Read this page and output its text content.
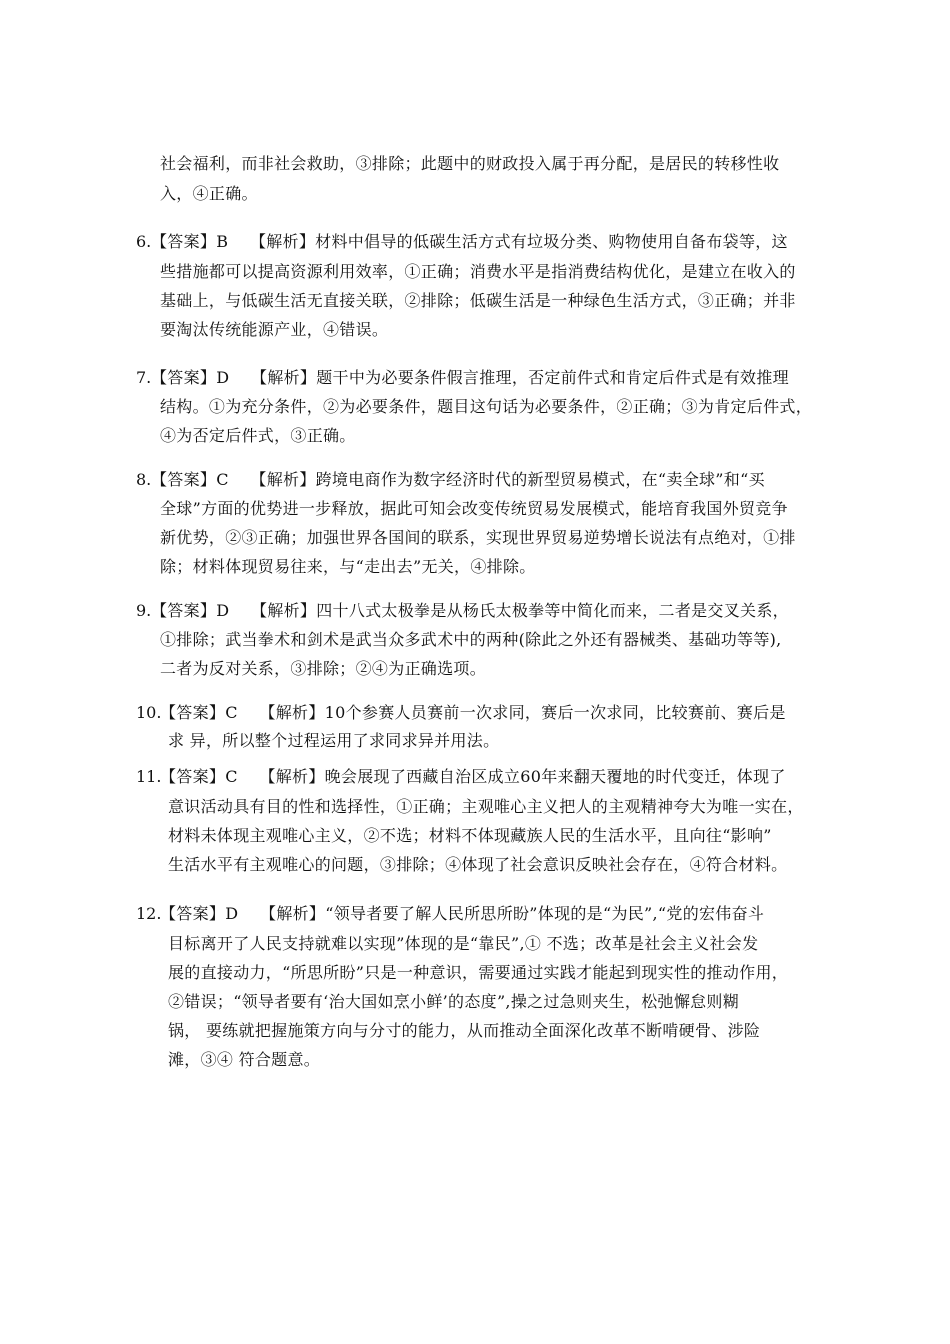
社会福利，而非社会救助，③排除；此题中的财政投入属于再分配，是居民的转移性收
入，④正确。
6. 【答案】B　 【解析】材料中倡导的低碳生活方式有垃圾分类、购物使用自备布袋等，这
些措施都可以提高资源利用效率，①正确；消费水平是指消费结构优化，是建立在收入的
基础上，与低碳生活无直接关联，②排除；低碳生活是一种绿色生活方式，③正确；并非
要淘汰传统能源产业，④错误。
7. 【答案】D　 【解析】题干中为必要条件假言推理，否定前件式和肯定后件式是有效推理
结构。①为充分条件，②为必要条件，题目这句话为必要条件，②正确；③为肯定后件式，
④为否定后件式，③正确。
8. 【答案】C　 【解析】跨境电商作为数字经济时代的新型贸易模式，在“卖全球”和“买
全球”方面的优势进一步释放，据此可知会改变传统贸易发展模式，能培育我国外贸竞争
新优势，②③正确；加强世界各国间的联系，实现世界贸易逆势增长说法有点绝对，①排
除；材料体现贸易往来，与“走出去”无关，④排除。
9. 【答案】D　 【解析】四十八式太极拳是从杨氏太极拳等中简化而来，二者是交叉关系，
①排除；武当拳术和剑术是武当众多武术中的两种(除此之外还有器械类、基础功等等),
二者为反对关系，③排除；②④为正确选项。
10.
【答案】C　 【解析】10个参赛人员赛前一次求同，赛后一次求同，比较赛前、赛后是
求 异，所以整个过程运用了求同求异并用法。
11.
【答案】C　 【解析】晚会展现了西藏自治区成立60年来翻天覆地的时代变迁，体现了
意识活动具有目的性和选择性，①正确；主观唯心主义把人的主观精神夸大为唯一实在，
材料未体现主观唯心主义，②不选；材料不体现藏族人民的生活水平，且向往“影响”
生活水平有主观唯心的问题，③排除；④体现了社会意识反映社会存在，④符合材料。
12.
【答案】D　 【解析】“领导者要了解人民所思所盼”体现的是“为民”,“党的宏伟奋斗
目标离开了人民支持就难以实现”体现的是“靠民”,① 不选；改革是社会主义社会发
展的直接动力，“所思所盼”只是一种意识，需要通过实践才能起到现实性的推动作用，
②错误；“领导者要有‘治大国如烹小鲜’的态度”,操之过急则夹生，松弛懈怠则糊
锅， 要练就把握施策方向与分寸的能力，从而推动全面深化改革不断啃硬骨、涉险
滩，③④ 符合题意。
